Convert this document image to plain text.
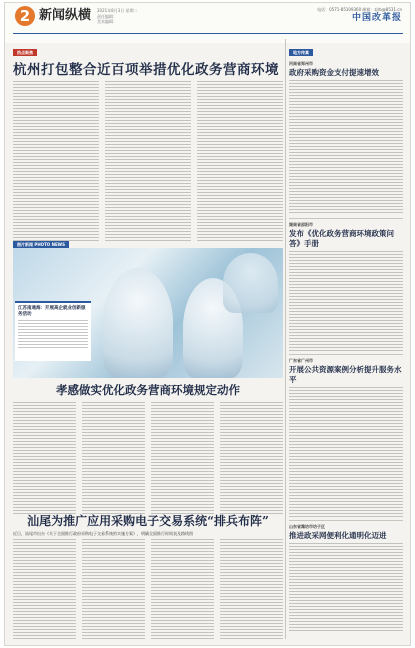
2 新闻纵横 2021年8月3日 星期二
责任编辑：
美术编辑：
电话：0571-85109360 邮箱：zjrb@8531.cn
中国改革报
热点聚焦
杭州打包整合近百项举措优化政务营商环境
图片新闻 PHOTO NEWS
江苏南通海：开展高企就业创新服务活动
孝感做实优化政务营商环境规定动作
汕尾为推广应用采购电子交易系统“排兵布阵”
近日，汕尾市出台《关于全面推行政府采购电子交易系统的实施方案》，明确全面推行时间表及路线图
地方传真
河南省郑州市
政府采购资金支付提速增效
湖南省邵阳市
发布《优化政务营商环境政策问答》手册
广东省广州市
开展公共资源案例分析提升服务水平
山东省潍坊市坊子区
推进政采网便利化通明化迈进
